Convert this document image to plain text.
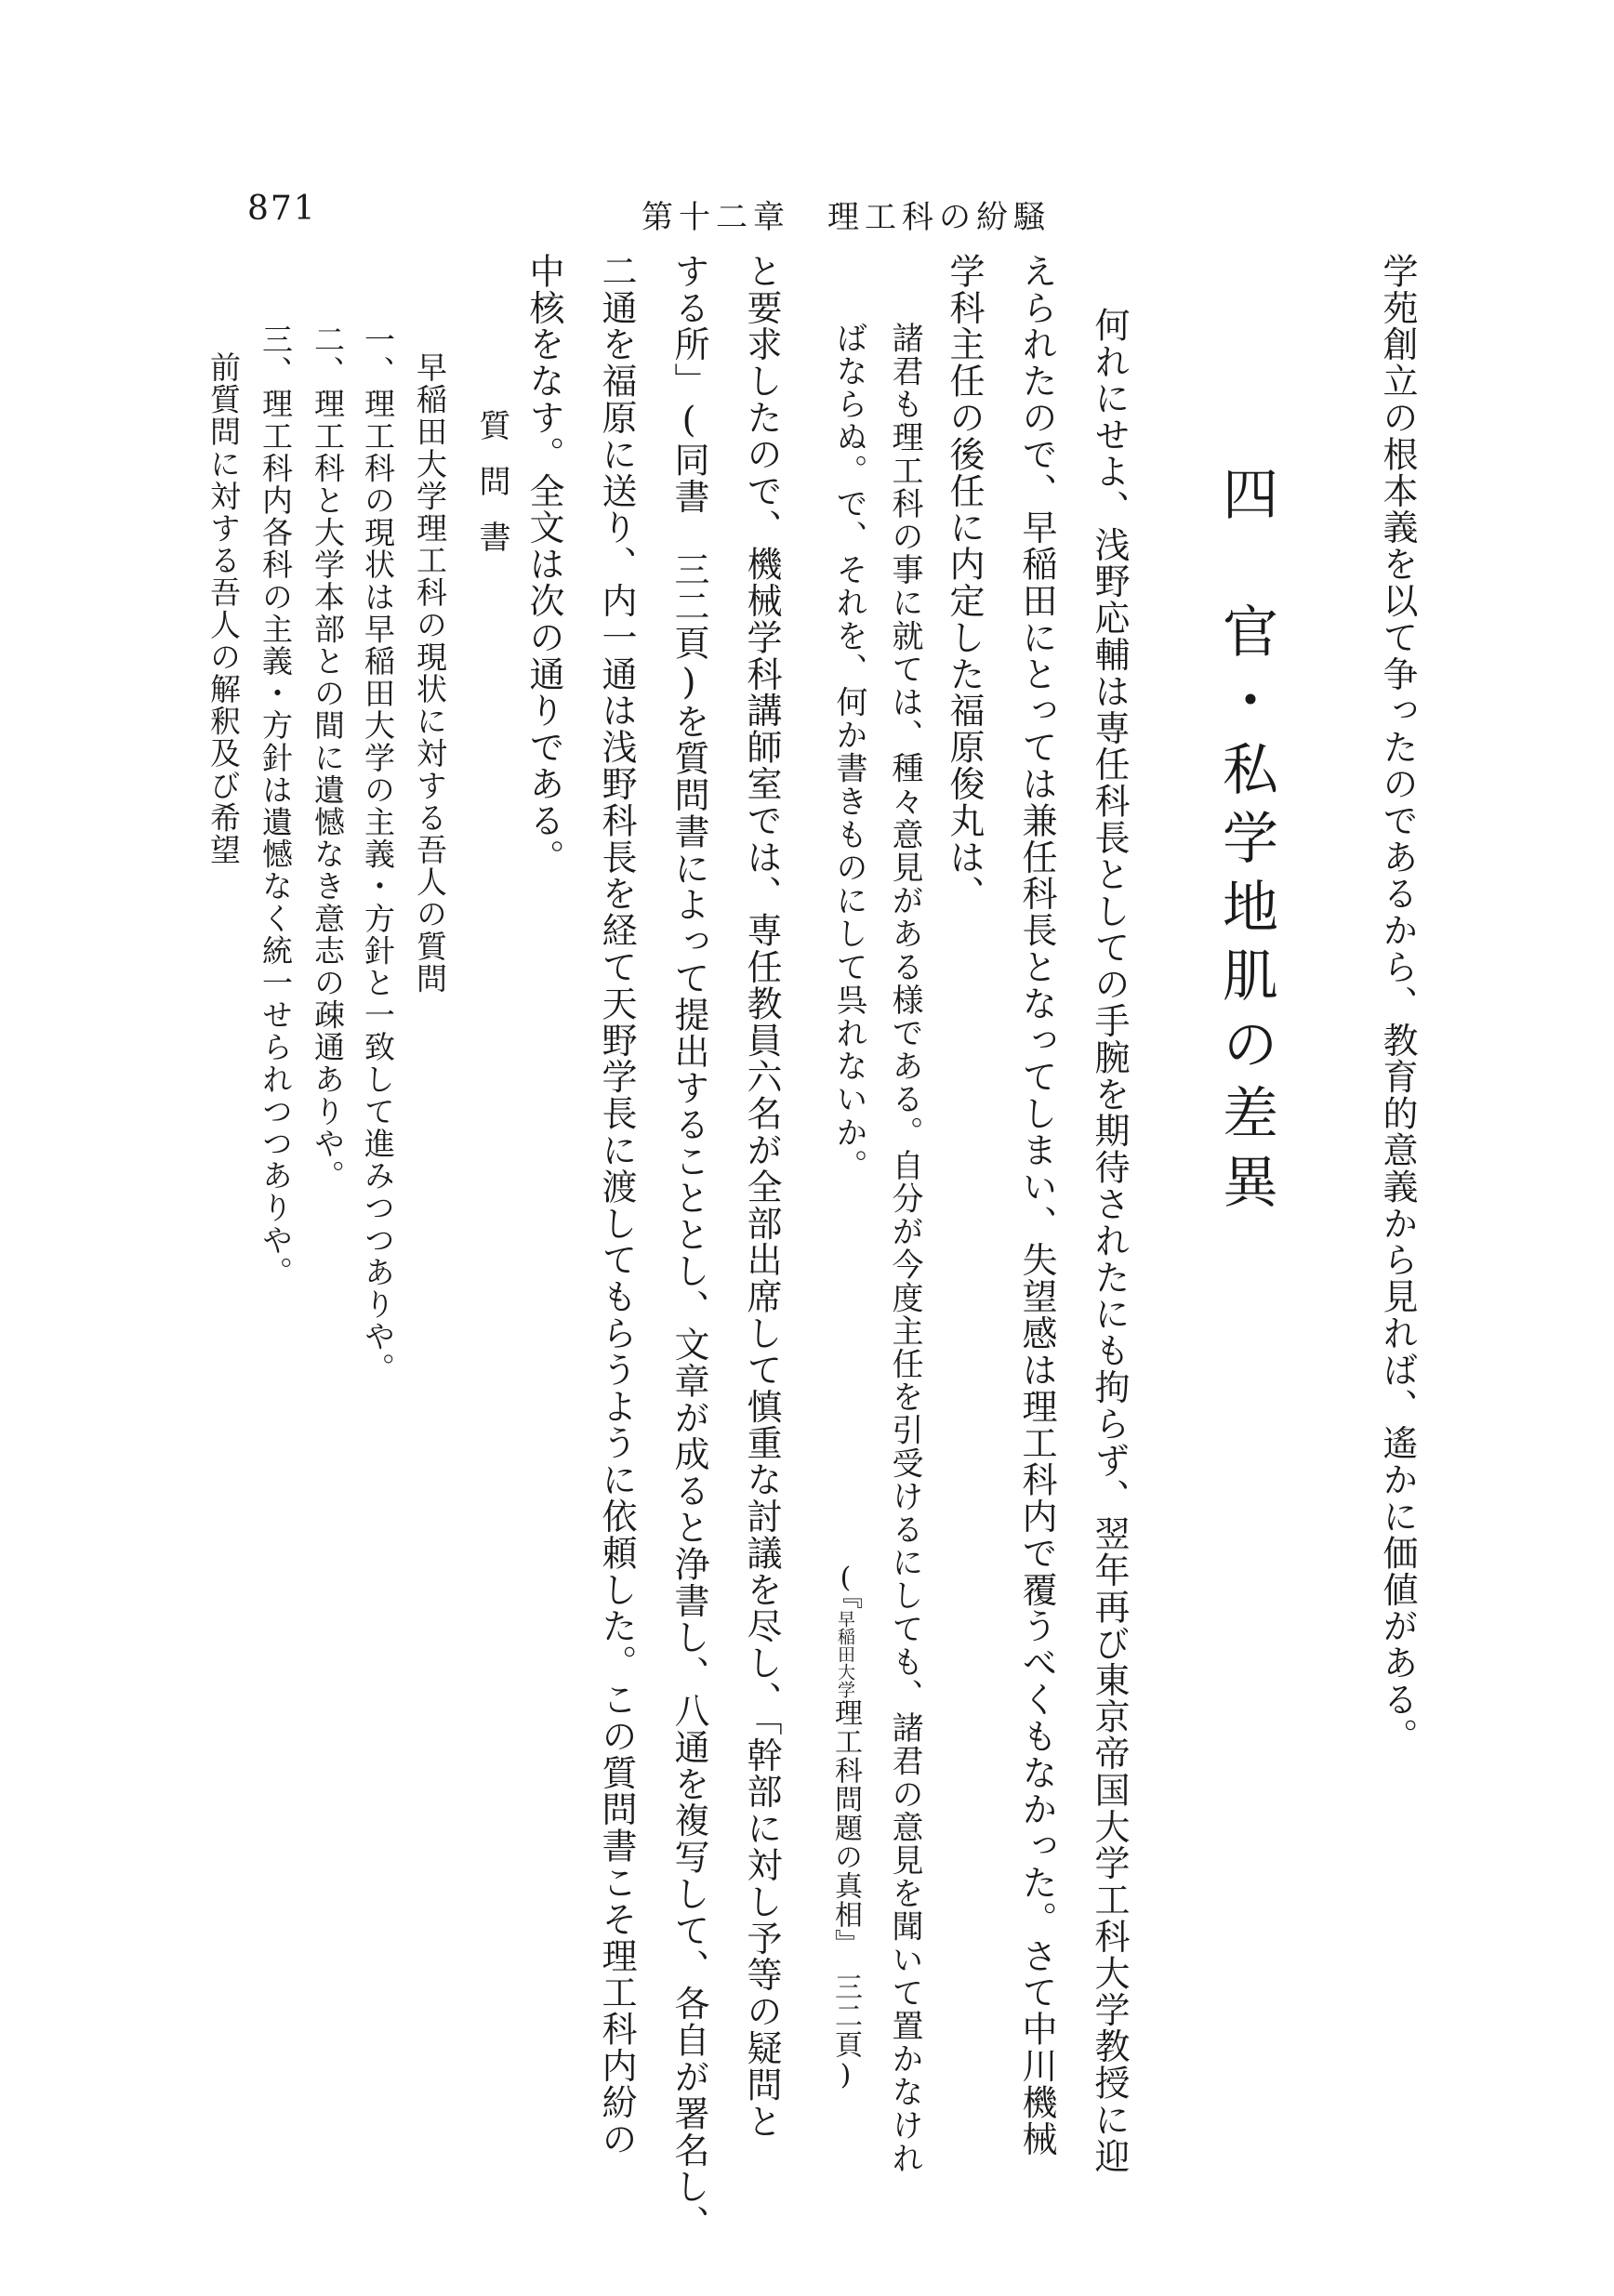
871	第十二章　理工科の紛騒
学苑創立の根本義を以て争ったのであるから、教育的意義から見れば、遙かに価値がある。
四　官・私学地肌の差異
何れにせよ、浅野応輔は専任科長としての手腕を期待されたにも拘らず、翌年再び東京帝国大学工科大学教授に迎
えられたので、早稲田にとっては兼任科長となってしまい、失望感は理工科内で覆うべくもなかった。さて中川機械
学科主任の後任に内定した福原俊丸は、
諸君も理工科の事に就ては、種々意見がある様である。自分が今度主任を引受けるにしても、諸君の意見を聞いて置かなけれ
ばならぬ。で、それを、何か書きものにして呉れないか。
(『早稲田大学理工科問題の真相』　三二頁)
と要求したので、機械学科講師室では、専任教員六名が全部出席して慎重な討議を尽し、「幹部に対し予等の疑問と
する所」(同書　三二頁)を質問書によって提出することとし、文章が成ると浄書し、八通を複写して、各自が署名し、
二通を福原に送り、内一通は浅野科長を経て天野学長に渡してもらうように依頼した。この質問書こそ理工科内紛の
中核をなす。全文は次の通りである。
質問書
早稲田大学理工科の現状に対する吾人の質問
一、理工科の現状は早稲田大学の主義・方針と一致して進みつつありや。
二、理工科と大学本部との間に遺憾なき意志の疎通ありや。
三、理工科内各科の主義・方針は遺憾なく統一せられつつありや。
前質問に対する吾人の解釈及び希望
